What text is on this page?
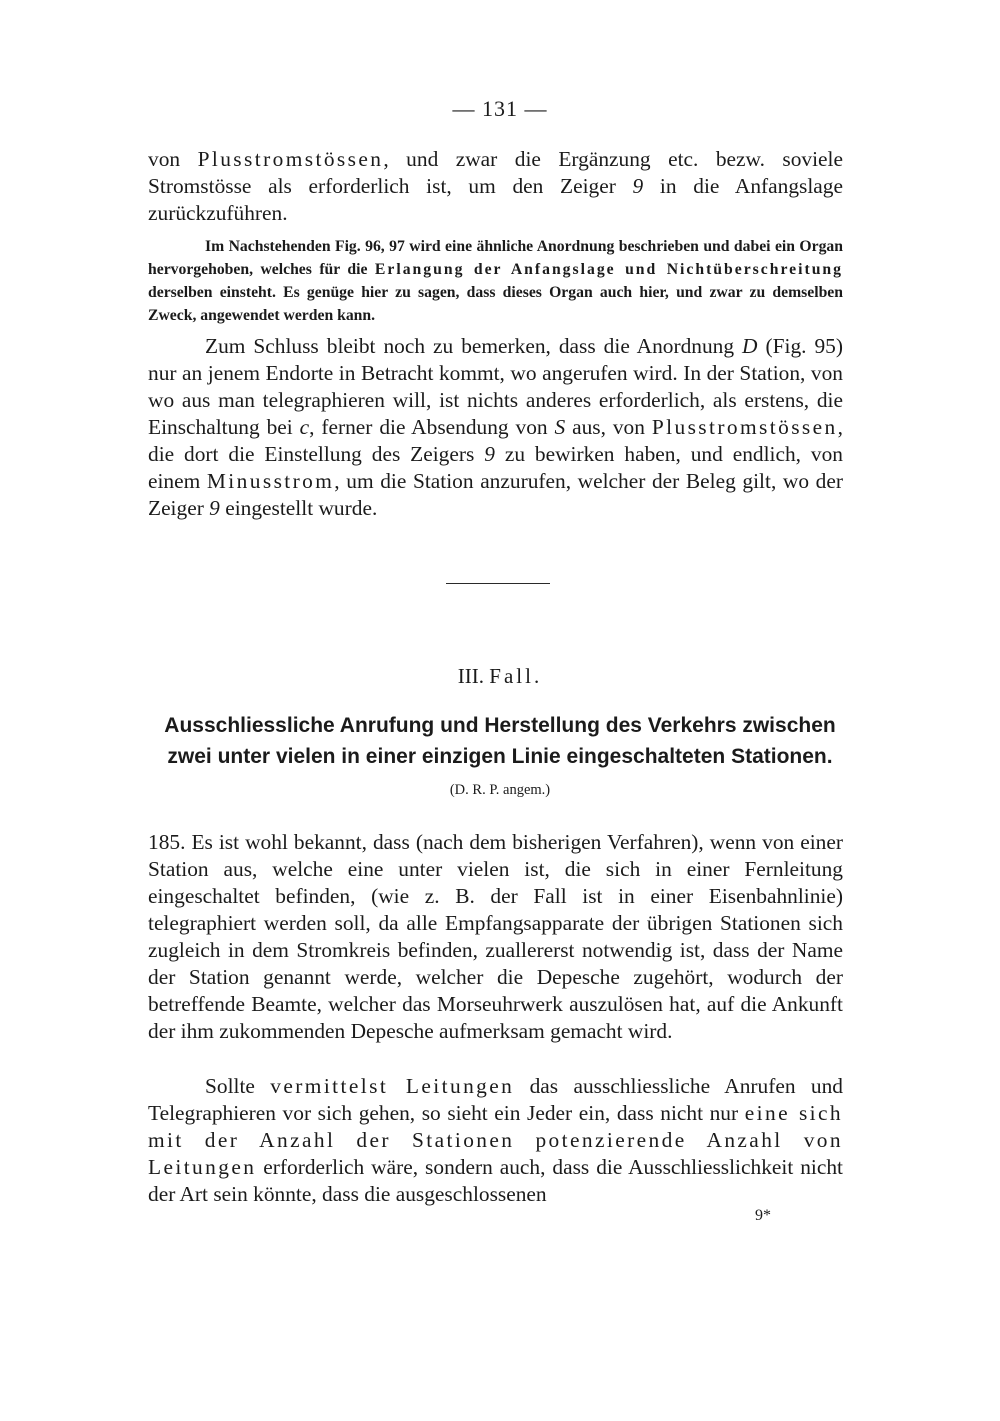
— 131 —

von Plusstromstössen, und zwar die Ergänzung etc. bezw. soviele Stromstösse als erforderlich ist, um den Zeiger 9 in die Anfangslage zurückzuführen.

Im Nachstehenden Fig. 96, 97 wird eine ähnliche Anordnung beschrieben und dabei ein Organ hervorgehoben, welches für die Erlangung der Anfangslage und Nichtüberschreitung derselben einsteht. Es genüge hier zu sagen, dass dieses Organ auch hier, und zwar zu demselben Zweck, angewendet werden kann.

Zum Schluss bleibt noch zu bemerken, dass die Anordnung D (Fig. 95) nur an jenem Endorte in Betracht kommt, wo angerufen wird. In der Station, von wo aus man telegraphieren will, ist nichts anderes erforderlich, als erstens, die Einschaltung bei c, ferner die Absendung von S aus, von Plusstromstössen, die dort die Einstellung des Zeigers 9 zu bewirken haben, und endlich, von einem Minusstrom, um die Station anzurufen, welcher der Beleg gilt, wo der Zeiger 9 eingestellt wurde.

III. Fall.

Ausschliessliche Anrufung und Herstellung des Verkehrs zwischen zwei unter vielen in einer einzigen Linie eingeschalteten Stationen. (D. R. P. angem.)

185. Es ist wohl bekannt, dass (nach dem bisherigen Verfahren), wenn von einer Station aus, welche eine unter vielen ist, die sich in einer Fernleitung eingeschaltet befinden, (wie z. B. der Fall ist in einer Eisenbahnlinie) telegraphiert werden soll, da alle Empfangsapparate der übrigen Stationen sich zugleich in dem Stromkreis befinden, zuallererst notwendig ist, dass der Name der Station genannt werde, welcher die Depesche zugehört, wodurch der betreffende Beamte, welcher das Morseuhrwerk auszulösen hat, auf die Ankunft der ihm zukommenden Depesche aufmerksam gemacht wird.

Sollte vermittelst Leitungen das ausschliessliche Anrufen und Telegraphieren vor sich gehen, so sieht ein Jeder ein, dass nicht nur eine sich mit der Anzahl der Stationen potenzierende Anzahl von Leitungen erforderlich wäre, sondern auch, dass die Ausschliesslichkeit nicht der Art sein könnte, dass die ausgeschlossenen

9*
